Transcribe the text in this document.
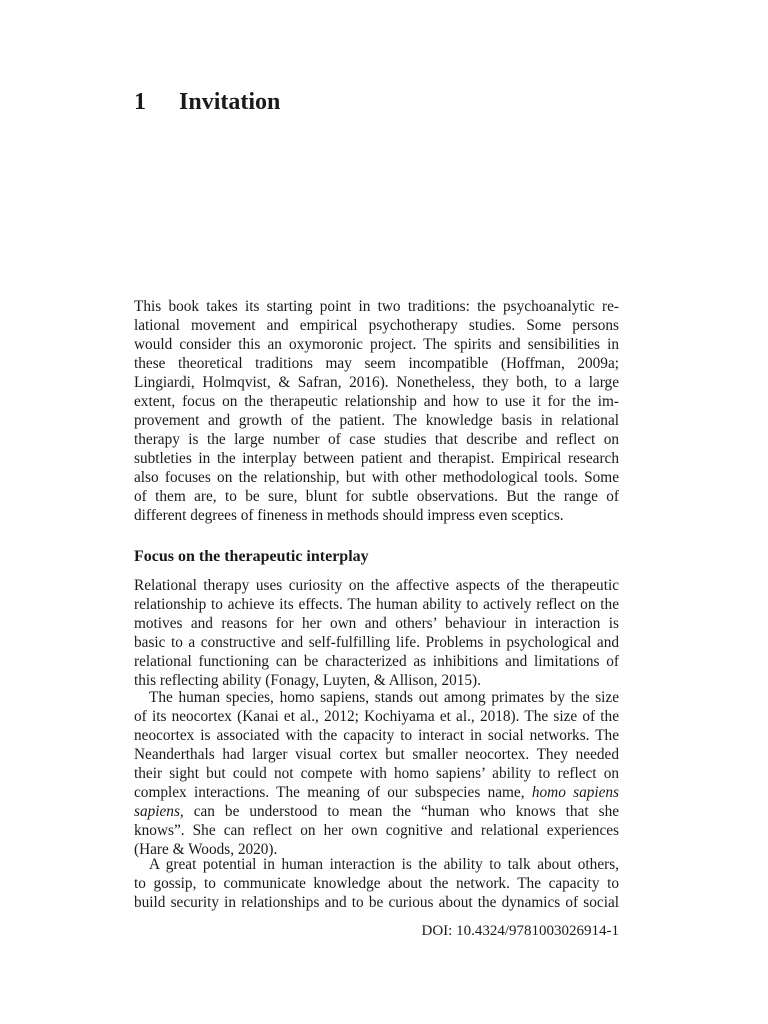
1 Invitation
This book takes its starting point in two traditions: the psychoanalytic re-
lational movement and empirical psychotherapy studies. Some persons
would consider this an oxymoronic project. The spirits and sensibilities in
these theoretical traditions may seem incompatible (Hoffman, 2009a;
Lingiardi, Holmqvist, & Safran, 2016). Nonetheless, they both, to a large
extent, focus on the therapeutic relationship and how to use it for the im-
provement and growth of the patient. The knowledge basis in relational
therapy is the large number of case studies that describe and reflect on
subtleties in the interplay between patient and therapist. Empirical research
also focuses on the relationship, but with other methodological tools. Some
of them are, to be sure, blunt for subtle observations. But the range of
different degrees of fineness in methods should impress even sceptics.
Focus on the therapeutic interplay
Relational therapy uses curiosity on the affective aspects of the therapeutic
relationship to achieve its effects. The human ability to actively reflect on the
motives and reasons for her own and others’ behaviour in interaction is
basic to a constructive and self-fulfilling life. Problems in psychological and
relational functioning can be characterized as inhibitions and limitations of
this reflecting ability (Fonagy, Luyten, & Allison, 2015).
The human species, homo sapiens, stands out among primates by the size
of its neocortex (Kanai et al., 2012; Kochiyama et al., 2018). The size of the
neocortex is associated with the capacity to interact in social networks. The
Neanderthals had larger visual cortex but smaller neocortex. They needed
their sight but could not compete with homo sapiens’ ability to reflect on
complex interactions. The meaning of our subspecies name, homo sapiens
sapiens, can be understood to mean the “human who knows that she
knows”. She can reflect on her own cognitive and relational experiences
(Hare & Woods, 2020).
A great potential in human interaction is the ability to talk about others,
to gossip, to communicate knowledge about the network. The capacity to
build security in relationships and to be curious about the dynamics of social
DOI: 10.4324/9781003026914-1
